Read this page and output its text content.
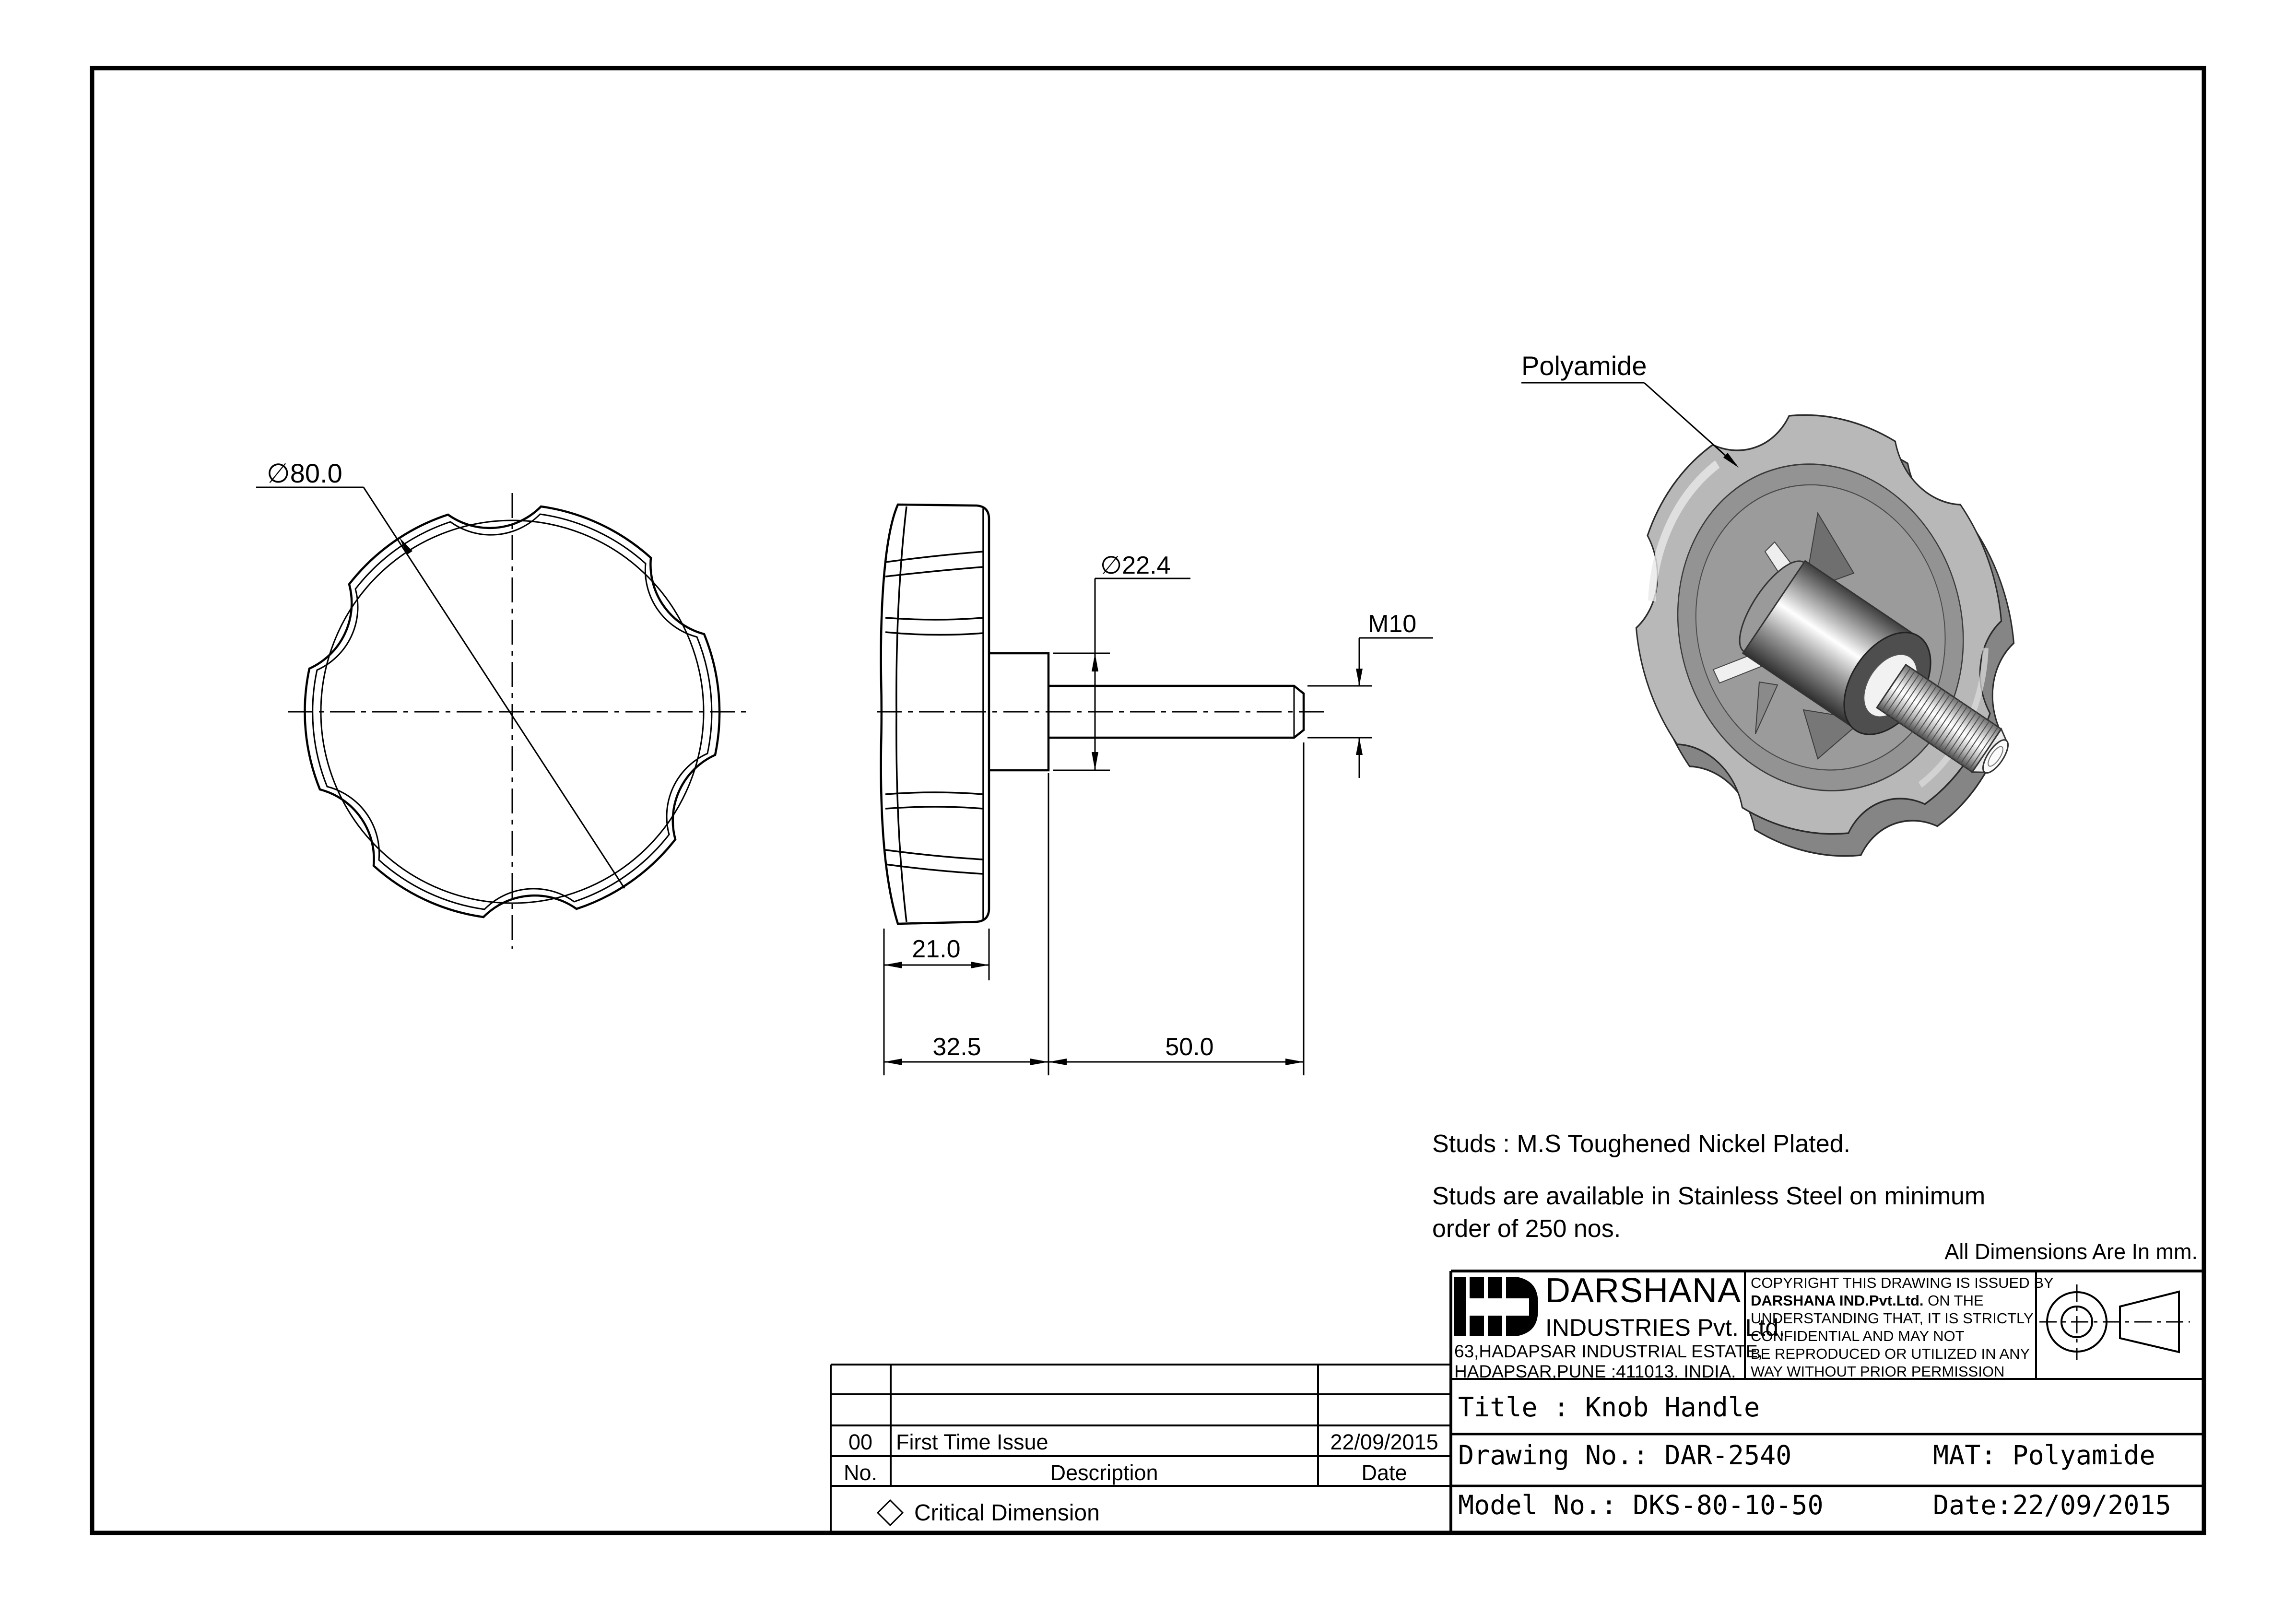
∅80.0
∅22.4
M10
21.0
32.5	50.0
Polyamide
Studs : M.S Toughened Nickel Plated.
Studs are available in Stainless Steel on minimum
order of 250 nos.
All Dimensions Are In mm.
00 First Time Issue	22/09/2015
No.	Description	Date
Critical Dimension
DARSHANA
INDUSTRIES Pvt. Ltd.
63,HADAPSAR INDUSTRIAL ESTATE,
HADAPSAR,PUNE :411013. INDIA.
COPYRIGHT THIS DRAWING IS ISSUED BY
DARSHANA IND.Pvt.Ltd. ON THE
UNDERSTANDING THAT, IT IS STRICTLY
CONFIDENTIAL AND MAY NOT
BE REPRODUCED OR UTILIZED IN ANY
WAY WITHOUT PRIOR PERMISSION
Title : Knob Handle
Drawing No.: DAR-2540	MAT: Polyamide
Model No.: DKS-80-10-50	Date:22/09/2015
